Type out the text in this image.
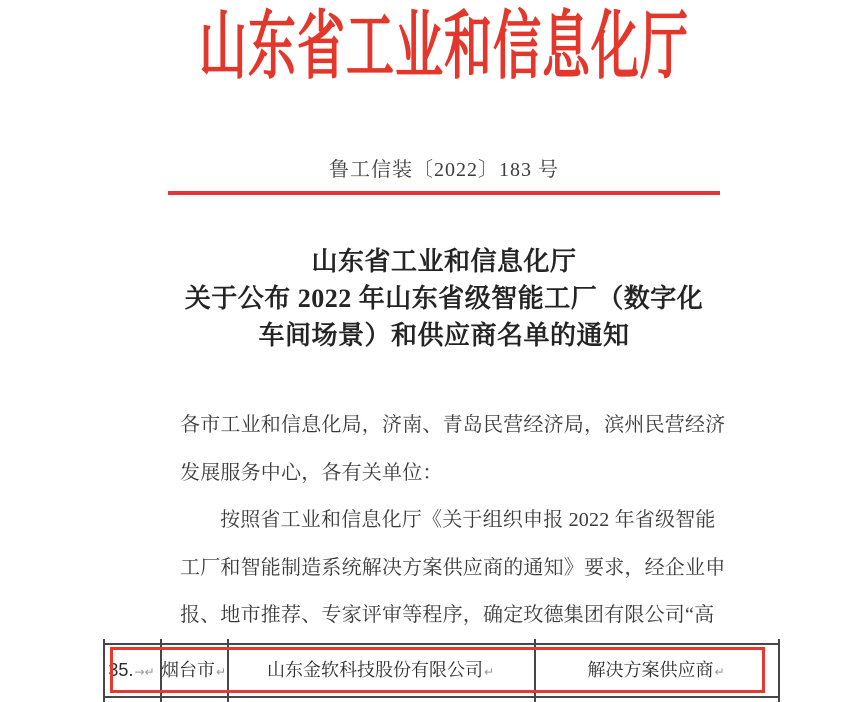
山东省工业和信息化厅
鲁工信装〔2022〕183 号
山东省工业和信息化厅
关于公布 2022 年山东省级智能工厂（数字化
车间场景）和供应商名单的通知
各市工业和信息化局，济南、青岛民营经济局，滨州民营经济
发展服务中心，各有关单位：
按照省工业和信息化厅《关于组织申报 2022 年省级智能
工厂和智能制造系统解决方案供应商的通知》要求，经企业申
报、地市推荐、专家评审等程序，确定玫德集团有限公司“高
35.→↵ 烟台市↵	山东金软科技股份有限公司↵	解决方案供应商↵
